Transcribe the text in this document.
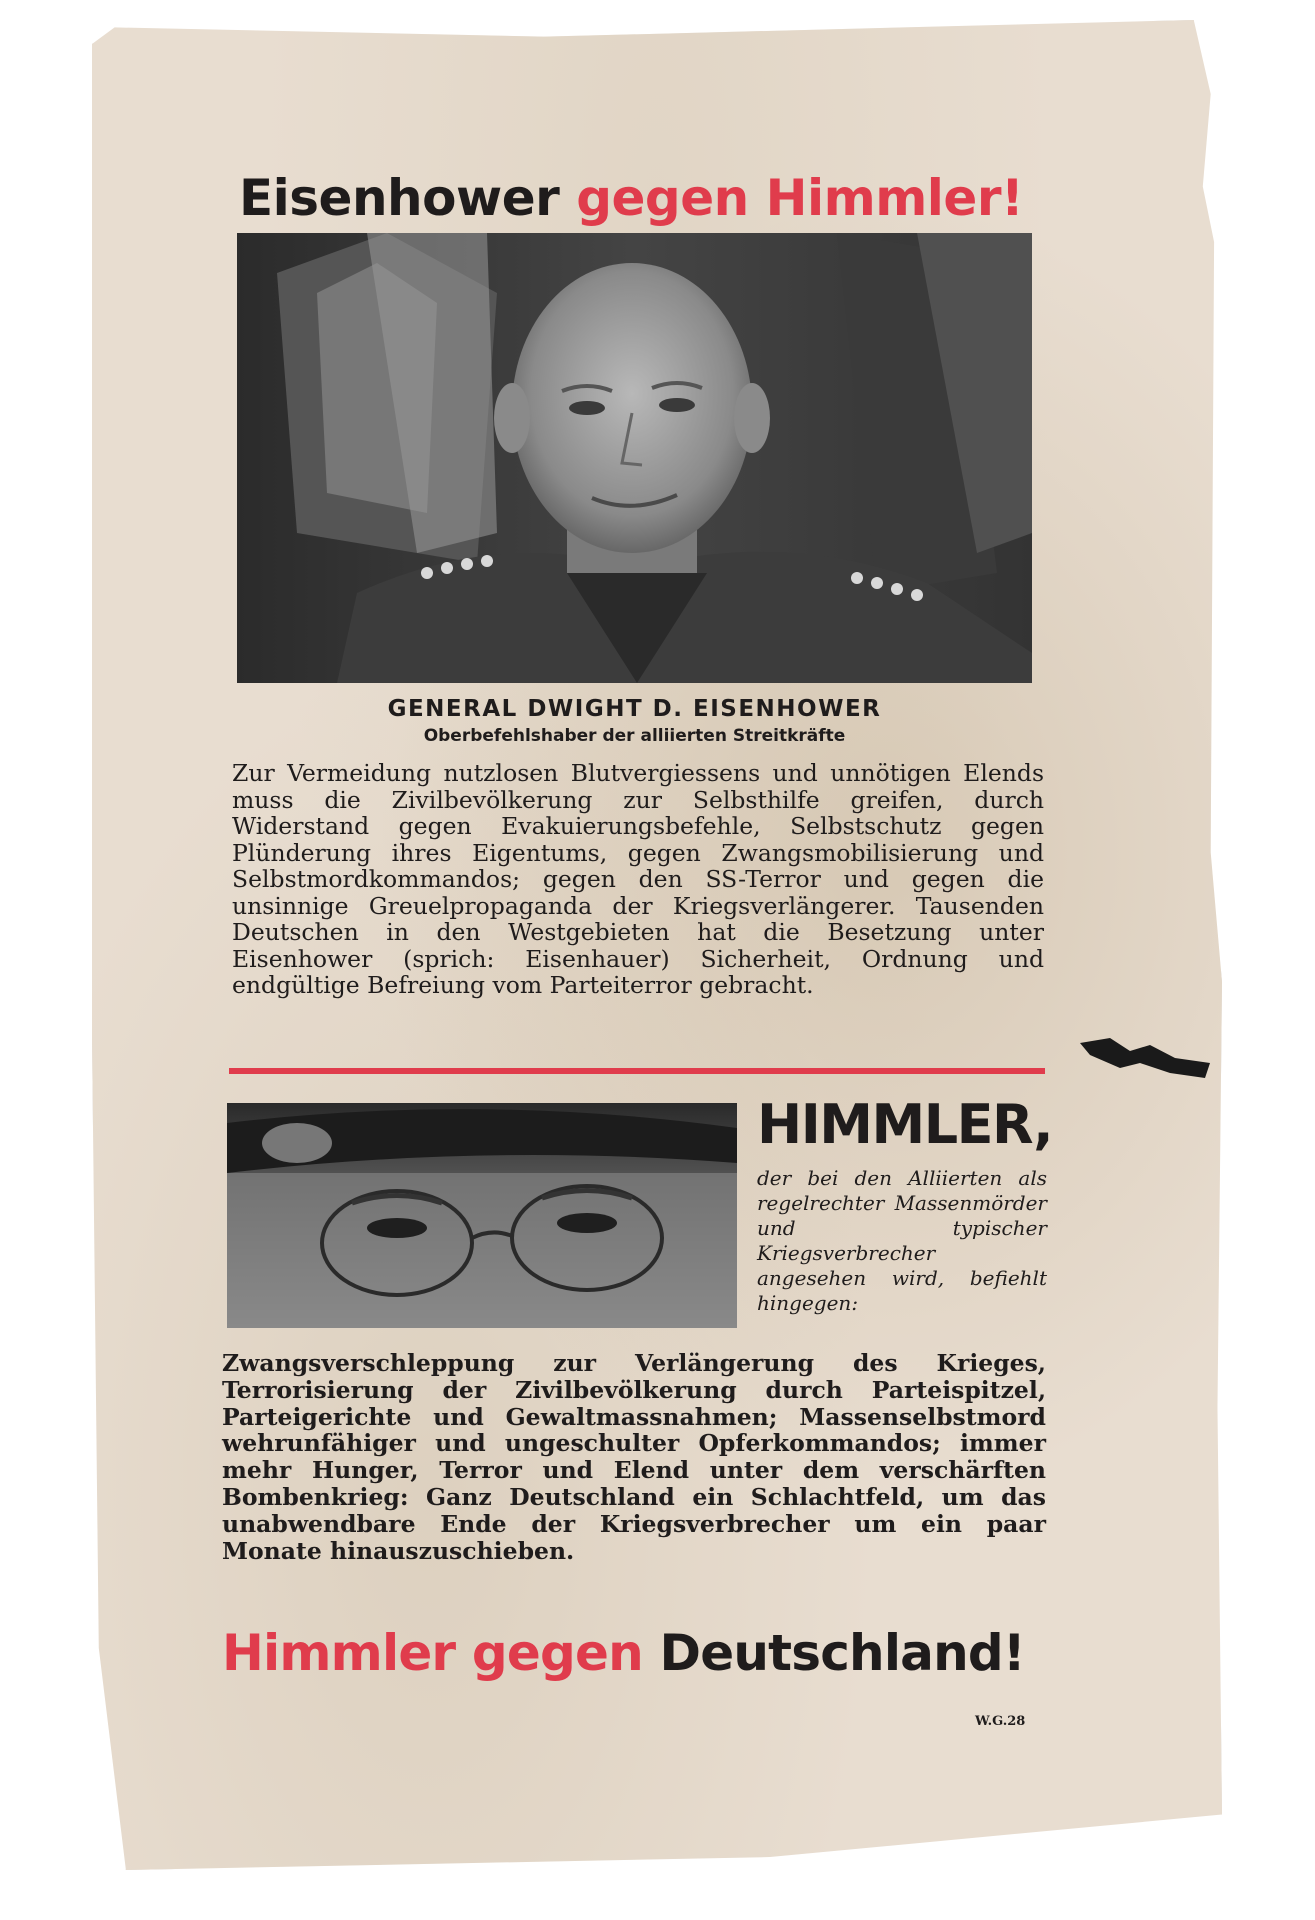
Eisenhower gegen Himmler!
GENERAL DWIGHT D. EISENHOWER
Oberbefehlshaber der alliierten Streitkräfte
Zur Vermeidung nutzlosen Blutvergiessens und unnötigen Elends muss die Zivilbevölkerung zur Selbsthilfe greifen, durch Widerstand gegen Evakuierungsbefehle, Selbstschutz gegen Plünderung ihres Eigentums, gegen Zwangsmobilisierung und Selbstmordkommandos; gegen den SS-Terror und gegen die unsinnige Greuelpropaganda der Kriegsverlängerer. Tausenden Deutschen in den Westgebieten hat die Besetzung unter Eisenhower (sprich: Eisenhauer) Sicherheit, Ordnung und endgültige Befreiung vom Parteiterror gebracht.
HIMMLER,
der bei den Alliierten als regelrechter Massenmörder und typischer Kriegsverbrecher angesehen wird, befiehlt hingegen:
Zwangsverschleppung zur Verlängerung des Krieges, Terrorisierung der Zivilbevölkerung durch Parteispitzel, Parteigerichte und Gewaltmassnahmen; Massenselbstmord wehrunfähiger und ungeschulter Opferkommandos; immer mehr Hunger, Terror und Elend unter dem verschärften Bombenkrieg: Ganz Deutschland ein Schlachtfeld, um das unabwendbare Ende der Kriegsverbrecher um ein paar Monate hinauszuschieben.
Himmler gegen Deutschland!
W.G.28
